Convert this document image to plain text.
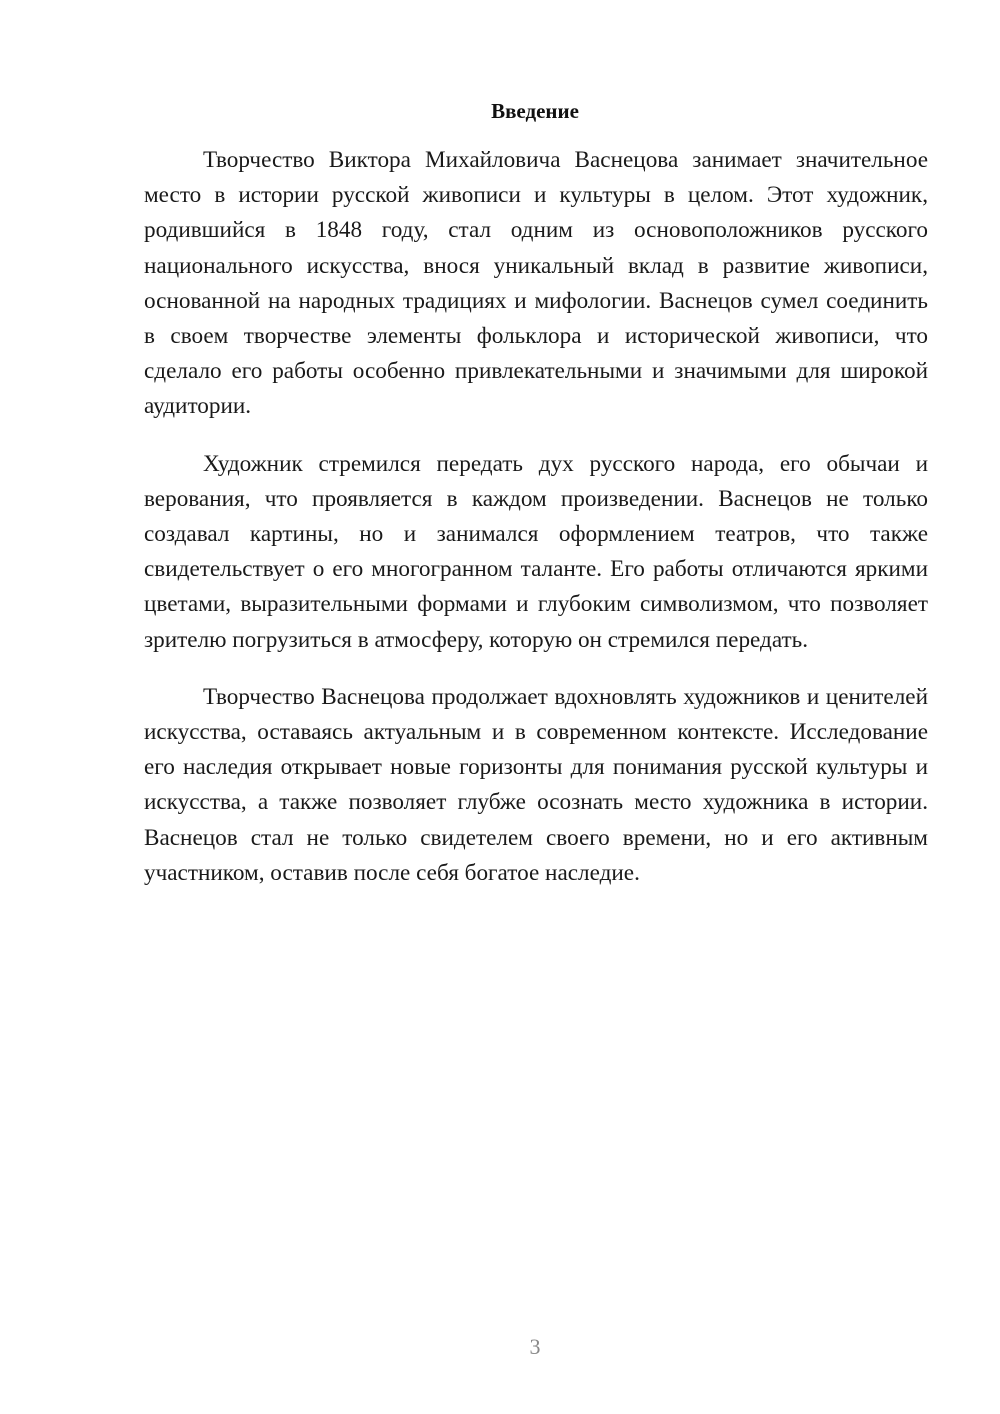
Введение

Творчество Виктора Михайловича Васнецова занимает значительное место в истории русской живописи и культуры в целом. Этот художник, родившийся в 1848 году, стал одним из основоположников русского национального искусства, внося уникальный вклад в развитие живописи, основанной на народных традициях и мифологии. Васнецов сумел соединить в своем творчестве элементы фольклора и исторической живописи, что сделало его работы особенно привлекательными и значимыми для широкой аудитории.

Художник стремился передать дух русского народа, его обычаи и верования, что проявляется в каждом произведении. Васнецов не только создавал картины, но и занимался оформлением театров, что также свидетельствует о его многогранном таланте. Его работы отличаются яркими цветами, выразительными формами и глубоким символизмом, что позволяет зрителю погрузиться в атмосферу, которую он стремился передать.

Творчество Васнецова продолжает вдохновлять художников и ценителей искусства, оставаясь актуальным и в современном контексте. Исследование его наследия открывает новые горизонты для понимания русской культуры и искусства, а также позволяет глубже осознать место художника в истории. Васнецов стал не только свидетелем своего времени, но и его активным участником, оставив после себя богатое наследие.

3
